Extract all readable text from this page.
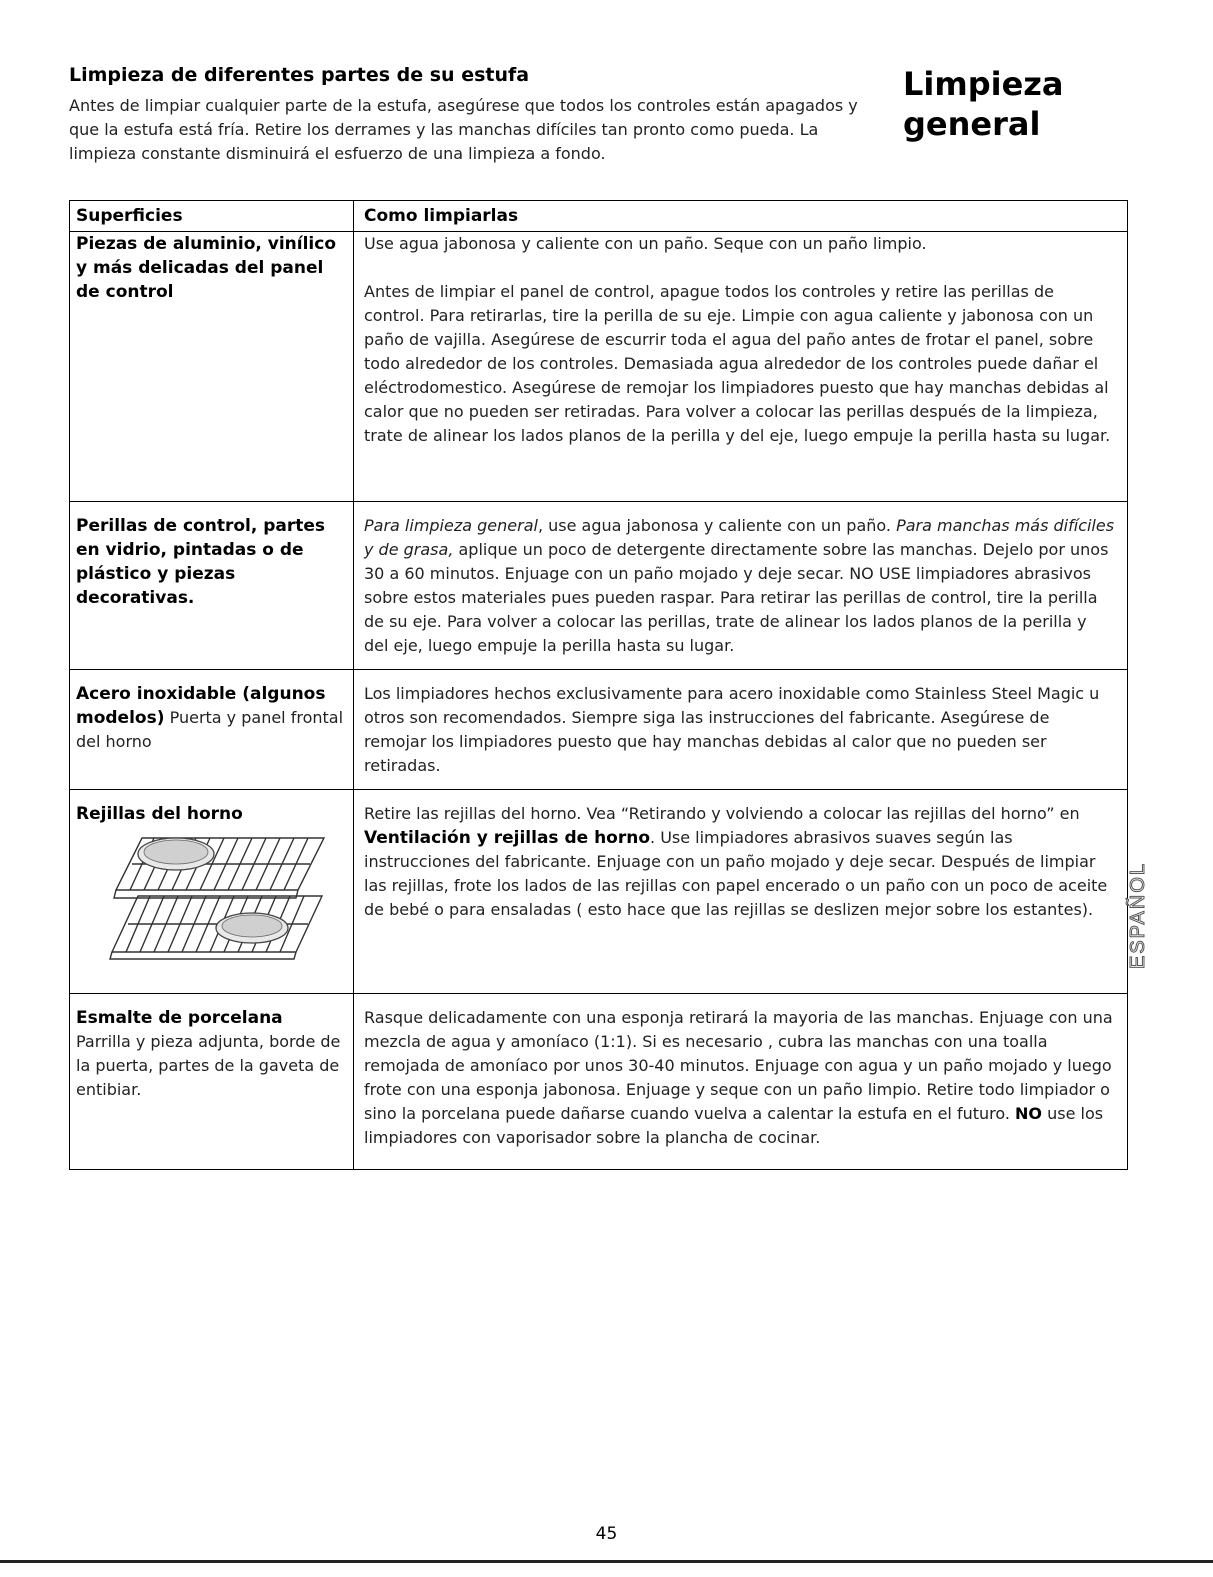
Limpieza de diferentes partes de su estufa

Antes de limpiar cualquier parte de la estufa, asegúrese que todos los controles están apagados y que la estufa está fría. Retire los derrames y las manchas difíciles tan pronto como pueda. La limpieza constante disminuirá el esfuerzo de una limpieza a fondo.

Limpieza
general
Superficies	Como limpiarlas
Piezas de aluminio, vinílico y más delicadas del panel de control

Use agua jabonosa y caliente con un paño. Seque con un paño limpio.

Antes de limpiar el panel de control, apague todos los controles y retire las perillas de control. Para retirarlas, tire la perilla de su eje. Limpie con agua caliente y jabonosa con un paño de vajilla. Asegúrese de escurrir toda el agua del paño antes de frotar el panel, sobre todo alrededor de los controles. Demasiada agua alrededor de los controles puede dañar el eléctrodomestico. Asegúrese de remojar los limpiadores puesto que hay manchas debidas al calor que no pueden ser retiradas. Para volver a colocar las perillas después de la limpieza, trate de alinear los lados planos de la perilla y del eje, luego empuje la perilla hasta su lugar.

Perillas de control, partes en vidrio, pintadas o de plástico y piezas decorativas.

Para limpieza general, use agua jabonosa y caliente con un paño. Para manchas más difíciles y de grasa, aplique un poco de detergente directamente sobre las manchas. Dejelo por unos 30 a 60 minutos. Enjuage con un paño mojado y deje secar. NO USE limpiadores abrasivos sobre estos materiales pues pueden raspar. Para retirar las perillas de control, tire la perilla de su eje. Para volver a colocar las perillas, trate de alinear los lados planos de la perilla y del eje, luego empuje la perilla hasta su lugar.

Acero inoxidable (algunos modelos) Puerta y panel frontal del horno

Los limpiadores hechos exclusivamente para acero inoxidable como Stainless Steel Magic u otros son recomendados. Siempre siga las instrucciones del fabricante. Asegúrese de remojar los limpiadores puesto que hay manchas debidas al calor que no pueden ser retiradas.

Rejillas del horno	Retire las rejillas del horno. Vea “Retirando y volviendo a colocar las rejillas del horno” en Ventilación y rejillas de horno. Use limpiadores abrasivos suaves según las instrucciones del fabricante. Enjuage con un paño mojado y deje secar. Después de limpiar las rejillas, frote los lados de las rejillas con papel encerado o un paño con un poco de aceite de bebé o para ensaladas ( esto hace que las rejillas se deslizen mejor sobre los estantes).

Esmalte de porcelana
Parrilla y pieza adjunta, borde de la puerta, partes de la gaveta de entibiar.

Rasque delicadamente con una esponja retirará la mayoria de las manchas. Enjuage con una mezcla de agua y amoníaco (1:1). Si es necesario , cubra las manchas con una toalla remojada de amoníaco por unos 30-40 minutos. Enjuage con agua y un paño mojado y luego frote con una esponja jabonosa. Enjuage y seque con un paño limpio. Retire todo limpiador o sino la porcelana puede dañarse cuando vuelva a calentar la estufa en el futuro. NO use los limpiadores con vaporisador sobre la plancha de cocinar.

ESPAÑOL
45
